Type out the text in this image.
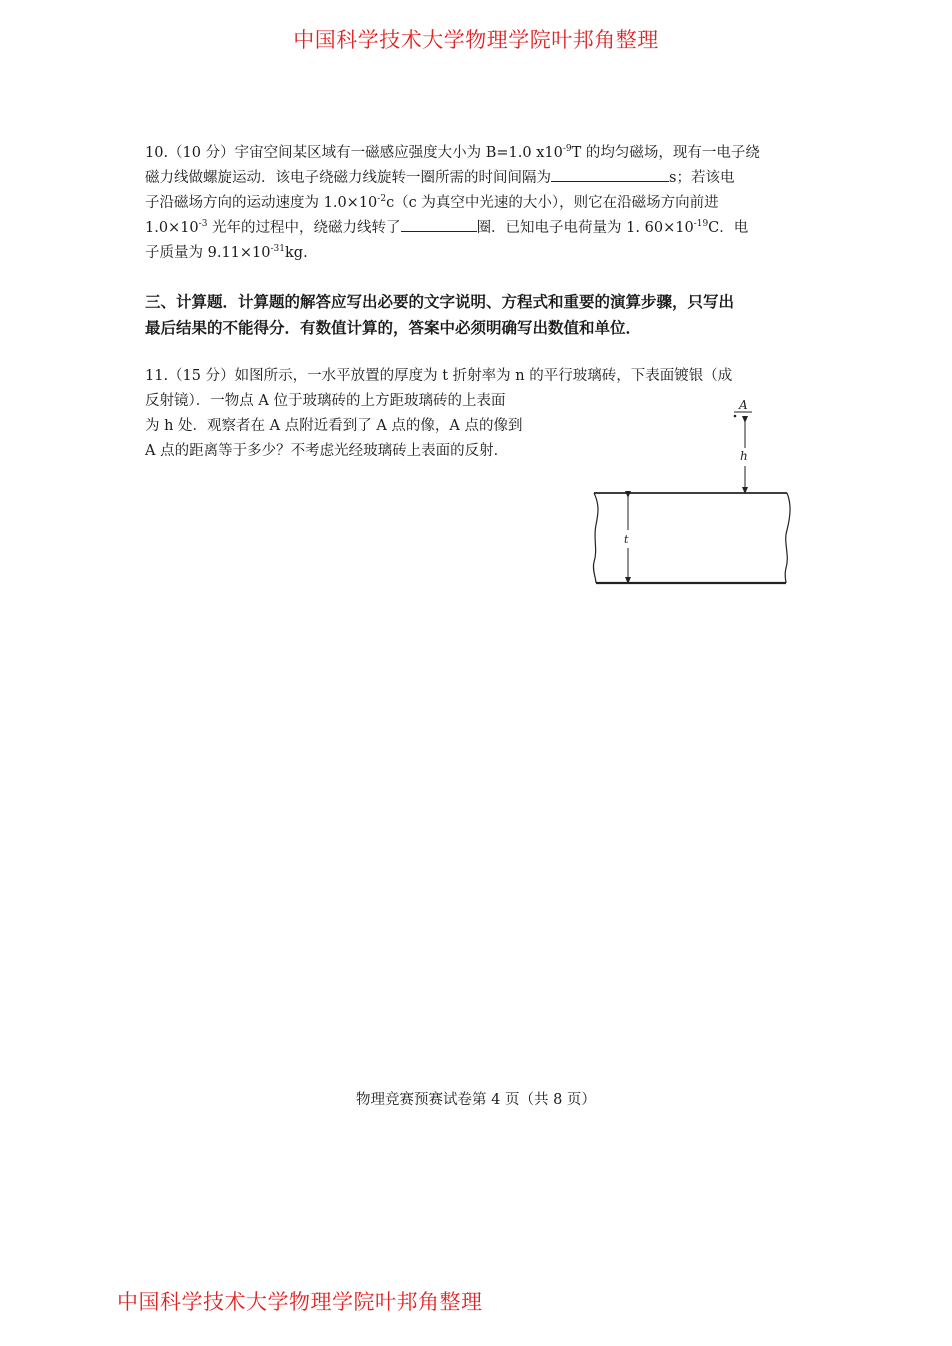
中国科学技术大学物理学院叶邦角整理
10.（10 分）宇宙空间某区域有一磁感应强度大小为 B=1.0 $x10^{-9}T$ 的均匀磁场，现有一电子绕
磁力线做螺旋运动．该电子绕磁力线旋转一圈所需的时间间隔为	s；若该电
子沿磁场方向的运动速度为 $1.0\times 10^{-2}c(c$ 为真空中光速的大小），则它在沿磁场方向前进
$1.0\times 10^{-3}$ 光年的过程中，绕磁力线转了	圈．已知电子电荷量为 1. $60\times 10^{-19}C$．电
子质量为 $9.11\times 10^{-31}kg$.
三、计算题．计算题的解答应写出必要的文字说明、方程式和重要的演算步骤，只写出
最后结果的不能得分．有数值计算的，答案中必须明确写出数值和单位．
11.（15 分）如图所示，一水平放置的厚度为 t 折射率为 n 的平行玻璃砖，下表面镀银（成
反射镜）．一物点 A 位于玻璃砖的上方距玻璃砖的上表面
为 h 处．观察者在 A 点附近看到了 A 点的像，A 点的像到
A 点的距离等于多少？不考虑光经玻璃砖上表面的反射．
A
h
t
物理竞赛预赛试卷第 4 页（共 8 页）
中国科学技术大学物理学院叶邦角整理
